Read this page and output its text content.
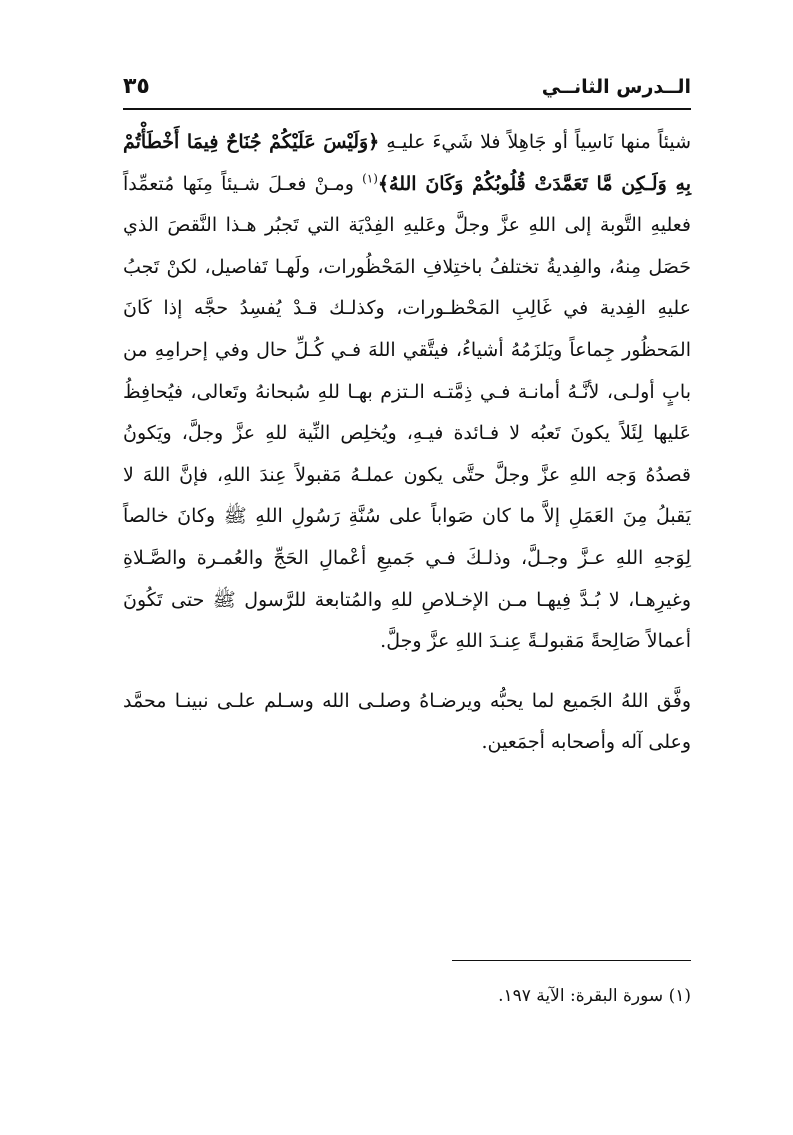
الــدرس الثانــي
٣٥

شيئاً منها نَاسِياً أو جَاهِلاً فلا شَيءَ عليـهِ ﴿وَلَيْسَ عَلَيْكُمْ جُنَاحٌ فِيمَا أَخْطَأْتُمْ بِهِ وَلَـكِن مَّا تَعَمَّدَتْ قُلُوبُكُمْ وَكَانَ اللهُ﴾$^{(١)}$ ومـنْ فعـلَ شـيئاً مِنَها مُتعمِّداً فعليهِ التَّوبة إلى اللهِ عزَّ وجلَّ وعَليهِ الفِدْيَة التي تَجبُر هـذا النَّقصَ الذي حَصَل مِنهُ، والفِديةُ تختلفُ باختِلافِ المَحْظُورات، ولَهـا تَفاصيل، لكنْ تَجبُ عليهِ الفِدية في غَالِبِ المَحْظـورات، وكذلـك قـدْ يُفسِدُ حجَّه إذا كَانَ المَحظُور جِماعاً ويَلزَمُهُ أشياءُ، فيتَّقي اللهَ فـي كُـلِّ حال وفي إحرامِهِ من بابٍ أولـى، لأنَّـهُ أمانـة فـي ذِمَّتـه الـتزم بهـا للهِ سُبحانهُ وتَعالى، فيُحافِظُ عَليها لِئَلاً يكونَ تَعبُه لا فـائدة فيـهِ، ويُخلِص النِّية للهِ عزَّ وجلَّ، ويَكونُ قصدُهُ وَجه اللهِ عزَّ وجلَّ حتَّى يكون عملـهُ مَقبولاً عِندَ اللهِ، فإنَّ اللهَ لا يَقبلُ مِنَ العَمَلِ إلاَّ ما كان صَواباً على سُنَّةِ رَسُولِ اللهِ ﷺ وكانَ خالصاً لِوَجهِ اللهِ عـزَّ وجـلَّ، وذلـكَ فـي جَميعِ أعْمالِ الحَجِّ والعُمـرة والصَّـلاةِ وغيرِهـا، لا بُـدَّ فِيهـا مـن الإخـلاصِ للهِ والمُتابعة للرَّسول ﷺ حتى تَكُونَ أعمالاً صَالِحةً مَقبولـةً عِنـدَ اللهِ عزَّ وجلَّ.

وفَّق اللهُ الجَميع لما يحبُّه ويرضـاهُ وصلـى الله وسـلم علـى نبينـا محمَّد وعلى آله وأصحابه أجمَعين.

(١) سورة البقرة: الآية ١٩٧.
